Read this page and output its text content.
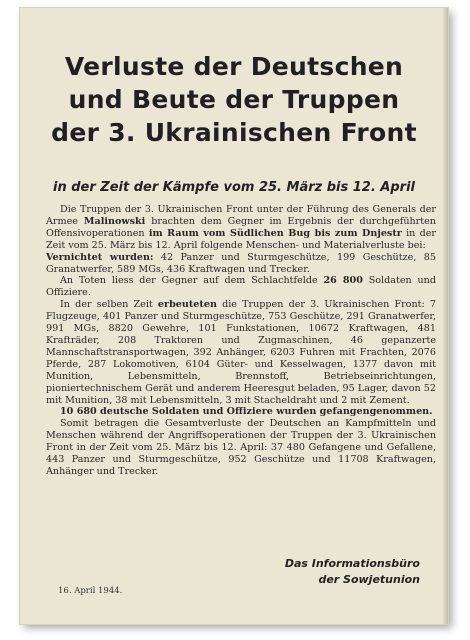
Verluste der Deutschen
und Beute der Truppen
der 3. Ukrainischen Front
in der Zeit der Kämpfe vom 25. März bis 12. April

Die Truppen der 3. Ukrainischen Front unter der Führung des Generals der Armee Malinowski brachten dem Gegner im Ergebnis der durchgeführten Offensivoperationen im Raum vom Südlichen Bug bis zum Dnjestr in der Zeit vom 25. März bis 12. April folgende Menschen- und Materialverluste bei:

Vernichtet wurden: 42 Panzer und Sturmgeschütze, 199 Geschütze, 85 Granatwerfer, 589 MGs, 436 Kraftwagen und Trecker.

An Toten liess der Gegner auf dem Schlachtfelde 26 800 Soldaten und Offiziere.

In der selben Zeit erbeuteten die Truppen der 3. Ukrainischen Front: 7 Flugzeuge, 401 Panzer und Sturmgeschütze, 753 Geschütze, 291 Granatwerfer, 991 MGs, 8820 Gewehre, 101 Funkstationen, 10672 Kraftwagen, 481 Krafträder, 208 Traktoren und Zugmaschinen, 46 gepanzerte Mannschaftstransportwagen, 392 Anhänger, 6203 Fuhren mit Frachten, 2076 Pferde, 287 Lokomotiven, 6104 Güter- und Kesselwagen, 1377 davon mit Munition, Lebensmitteln, Brennstoff, Betriebseinrichtungen, pioniertechnischem Gerät und anderem Heeresgut beladen, 95 Lager, davon 52 mit Munition, 38 mit Lebensmitteln, 3 mit Stacheldraht und 2 mit Zement.

10 680 deutsche Soldaten und Offiziere wurden gefangengenommen.

Somit betragen die Gesamtverluste der Deutschen an Kampfmitteln und Menschen während der Angriffsoperationen der Truppen der 3. Ukrainischen Front in der Zeit vom 25. März bis 12. April: 37 480 Gefangene und Gefallene, 443 Panzer und Sturmgeschütze, 952 Geschütze und 11708 Kraftwagen, Anhänger und Trecker.

Das Informationsbüro
der Sowjetunion
16. April 1944.
